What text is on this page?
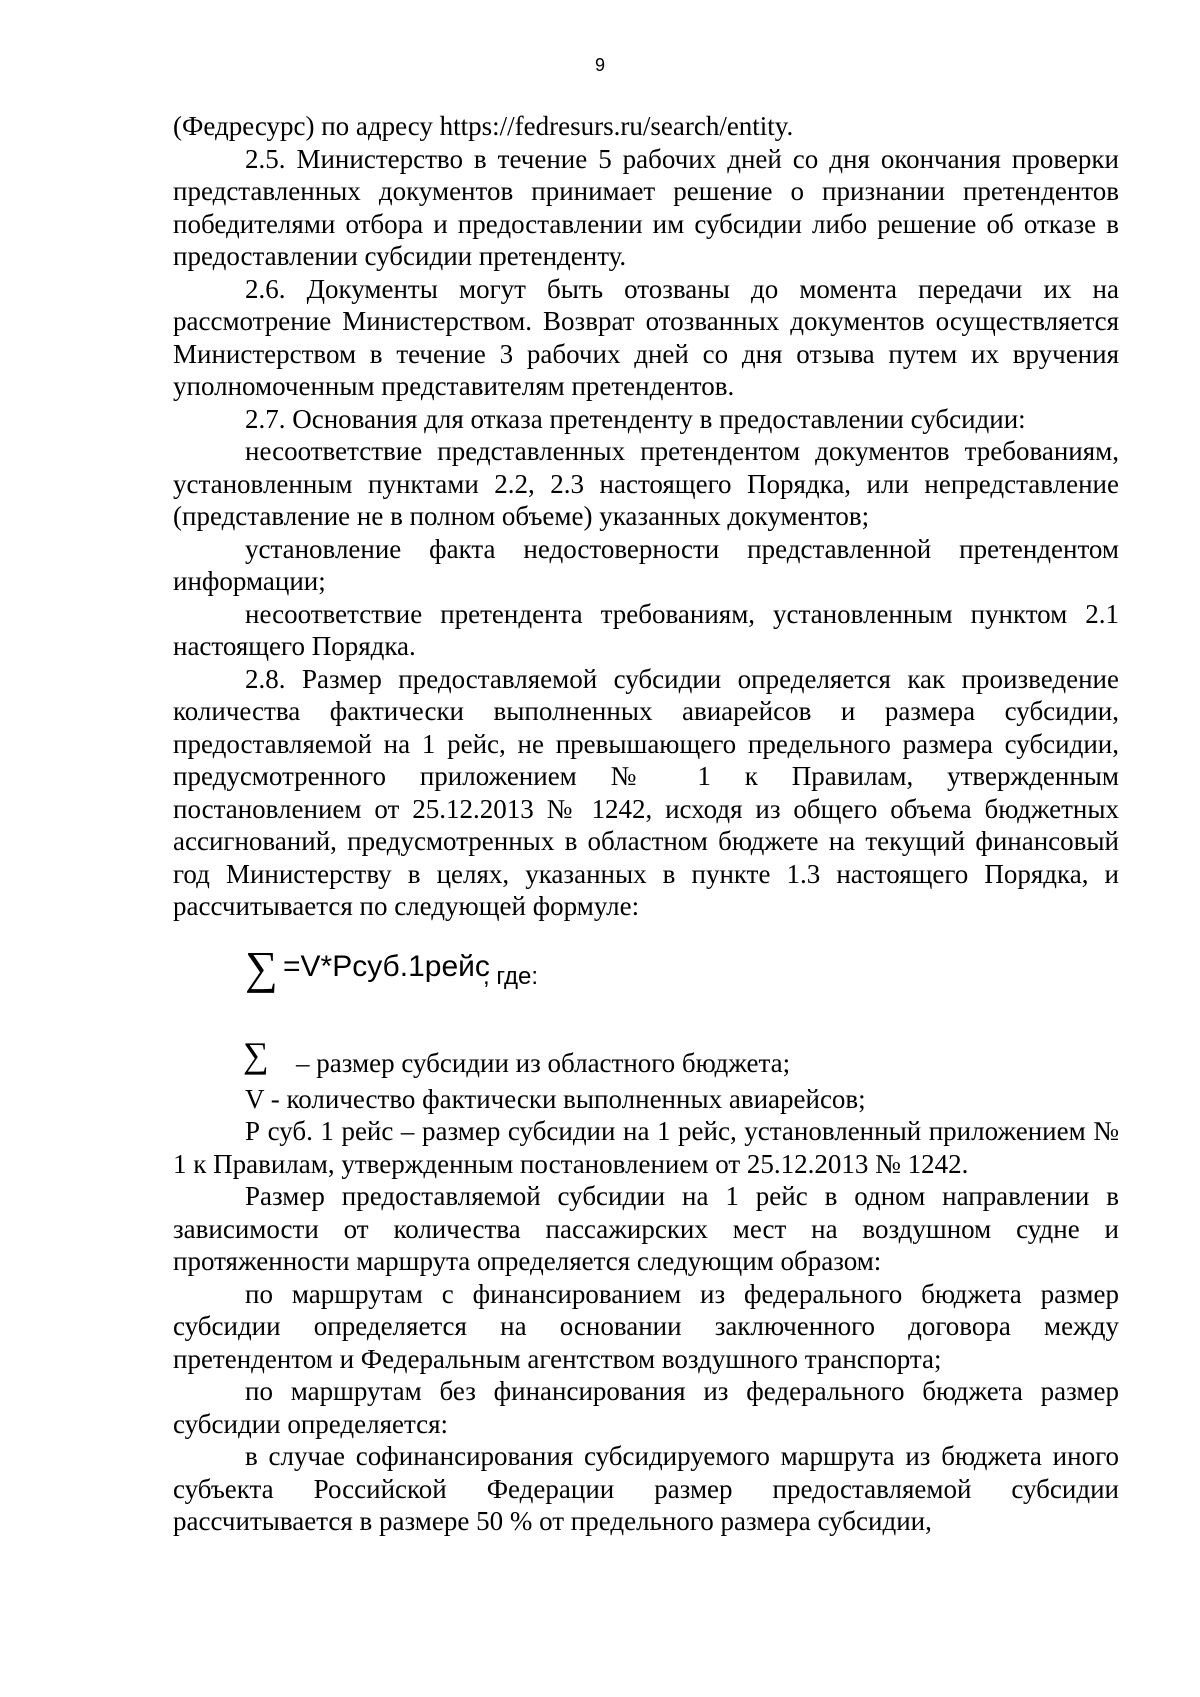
9

(Федресурс) по адресу https://fedresurs.ru/search/entity.

2.5. Министерство в течение 5 рабочих дней со дня окончания проверки представленных документов принимает решение о признании претендентов победителями отбора и предоставлении им субсидии либо решение об отказе в предоставлении субсидии претенденту.

2.6. Документы могут быть отозваны до момента передачи их на рассмотрение Министерством. Возврат отозванных документов осуществляется Министерством в течение 3 рабочих дней со дня отзыва путем их вручения уполномоченным представителям претендентов.

2.7. Основания для отказа претенденту в предоставлении субсидии:

несоответствие представленных претендентом документов требованиям, установленным пунктами 2.2, 2.3 настоящего Порядка, или непредставление (представление не в полном объеме) указанных документов;

установление факта недостоверности представленной претендентом информации;

несоответствие претендента требованиям, установленным пунктом 2.1 настоящего Порядка.

2.8. Размер предоставляемой субсидии определяется как произведение количества фактически выполненных авиарейсов и размера субсидии, предоставляемой на 1 рейс, не превышающего предельного размера субсидии, предусмотренного приложением № 1 к Правилам, утвержденным постановлением от 25.12.2013 № 1242, исходя из общего объема бюджетных ассигнований, предусмотренных в областном бюджете на текущий финансовый год Министерству в целях, указанных в пункте 1.3 настоящего Порядка, и рассчитывается по следующей формуле:

∑ =V*Рсуб.1рейс
, где:
∑ – размер субсидии из областного бюджета;

V - количество фактически выполненных авиарейсов;

Р суб. 1 рейс – размер субсидии на 1 рейс, установленный приложением № 1 к Правилам, утвержденным постановлением от 25.12.2013 № 1242.

Размер предоставляемой субсидии на 1 рейс в одном направлении в зависимости от количества пассажирских мест на воздушном судне и протяженности маршрута определяется следующим образом:

по маршрутам с финансированием из федерального бюджета размер субсидии определяется на основании заключенного договора между претендентом и Федеральным агентством воздушного транспорта;

по маршрутам без финансирования из федерального бюджета размер субсидии определяется:

в случае софинансирования субсидируемого маршрута из бюджета иного субъекта Российской Федерации размер предоставляемой субсидии рассчитывается в размере 50 % от предельного размера субсидии,
